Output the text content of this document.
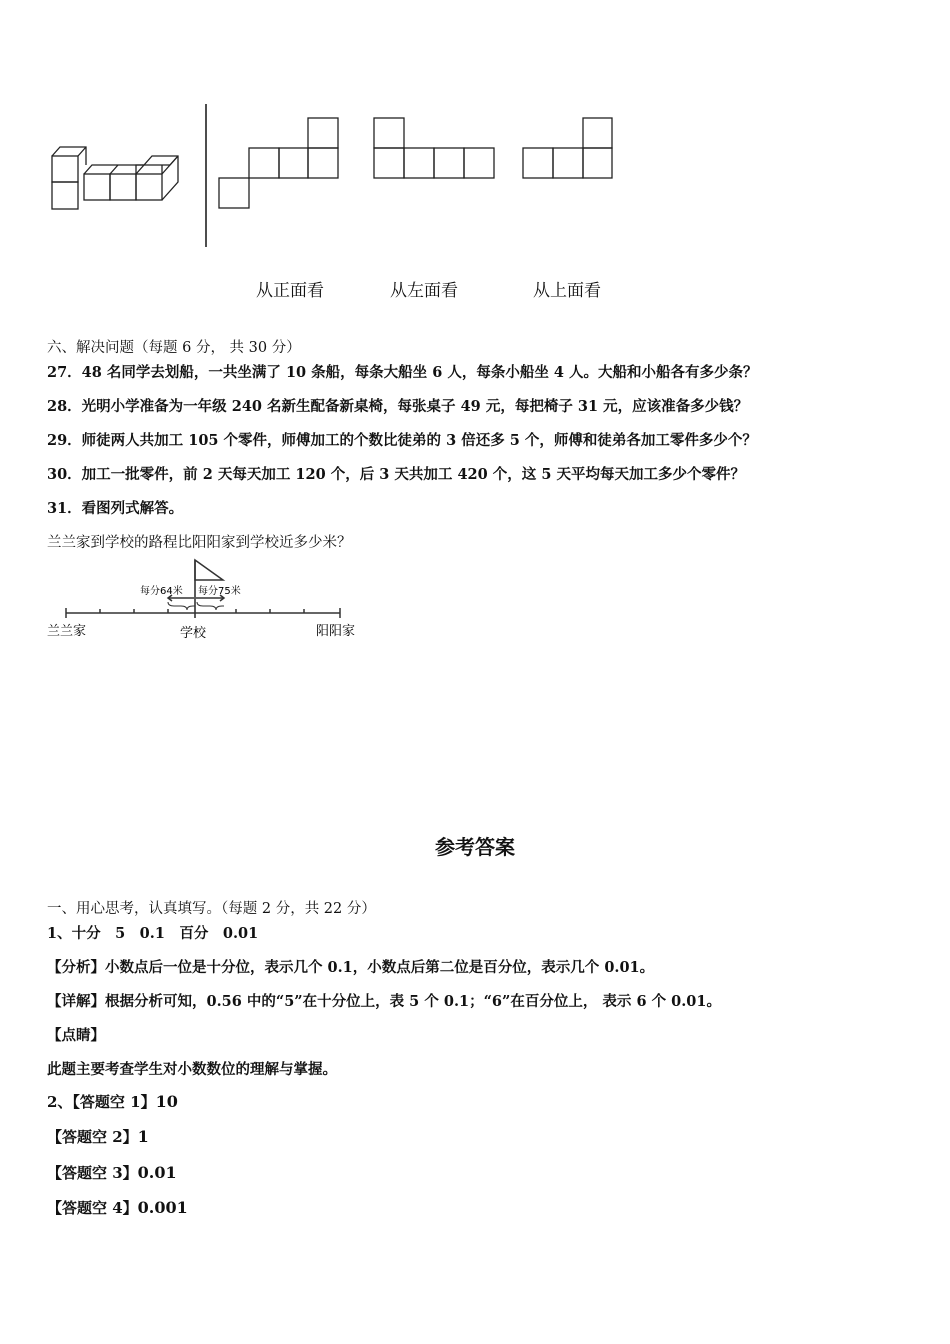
从正面看	从左面看	从上面看
六、解决问题（每题 6 分， 共 30 分）
27．48 名同学去划船，一共坐满了 10 条船，每条大船坐 6 人，每条小船坐 4 人。大船和小船各有多少条？
28．光明小学准备为一年级 240 名新生配备新桌椅，每张桌子 49 元，每把椅子 31 元，应该准备多少钱？
29．师徒两人共加工 105 个零件，师傅加工的个数比徒弟的 3 倍还多 5 个，师傅和徒弟各加工零件多少个？
30．加工一批零件，前 2 天每天加工 120 个，后 3 天共加工 420 个，这 5 天平均每天加工多少个零件？
31．看图列式解答。
兰兰家到学校的路程比阳阳家到学校近多少米？
每分64米 每分75米
兰兰家	学校	阳阳家
参考答案
一、用心思考，认真填写。（每题 2 分，共 22 分）
1、十分　5　0.1　百分　0.01
【分析】小数点后一位是十分位，表示几个 0.1，小数点后第二位是百分位，表示几个 0.01。
【详解】根据分析可知，0.56 中的“5”在十分位上，表 5 个 0.1；“6”在百分位上， 表示 6 个 0.01。
【点睛】
此题主要考查学生对小数数位的理解与掌握。
2、【答题空 1】10
【答题空 2】1
【答题空 3】0.01
【答题空 4】0.001
